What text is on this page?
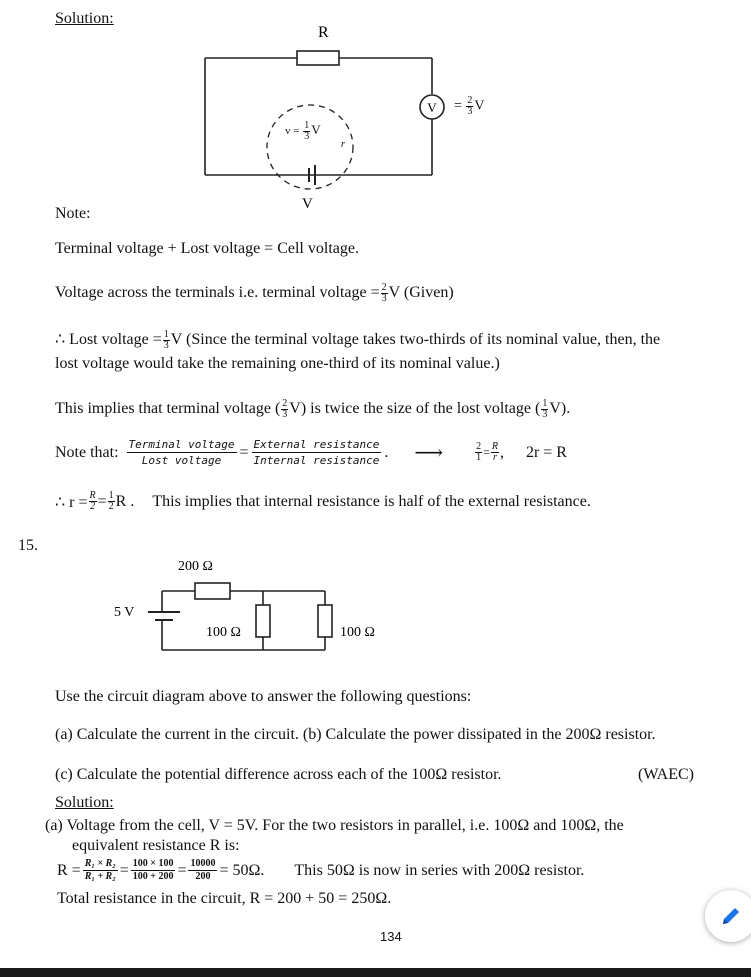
Solution:
R
V
V
r
= $\frac{2}{3}$ V
$v = \frac{1}{3}$ V
Note:
Terminal voltage + Lost voltage = Cell voltage.
Voltage across the terminals i.e. terminal voltage = $\frac{2}{3}$ V (Given)
∴ Lost voltage = $\frac{1}{3}$ V (Since the terminal voltage takes two-thirds of its nominal value, then, the
lost voltage would take the remaining one-third of its nominal value.)
This implies that terminal voltage ( $\frac{2}{3} V$) is twice the size of the lost voltage ( $\frac{1}{3} V$).
Note that: Terminal voltage
Lost voltage = External resistance
Internal resistance . ⟶	$\frac{2}{1} = \frac{R}{r}$ , 2r = R
∴ $r = \frac{R}{2} = \frac{1}{2}$ R . This implies that internal resistance is half of the external resistance.
15.
200 Ω
5 V
100 Ω	100 Ω
Use the circuit diagram above to answer the following questions:
(a) Calculate the current in the circuit. (b) Calculate the power dissipated in the 200Ω resistor.
(c) Calculate the potential difference across each of the 100Ω resistor.	(WAEC)
Solution:
(a) Voltage from the cell, V = 5V. For the two resistors in parallel, i.e. 100Ω and 100Ω, the
equivalent resistance R is:
$R = \frac{\text{R₁ × R₂}}{\text{R₁ + R₂}} = \frac{100 \times 100}{100 + 200} = \frac{10000}{200} = 50\Omega$. This 50Ω is now in series with 200Ω resistor.
Total resistance in the circuit, R = 200 + 50 = 250Ω.
134
